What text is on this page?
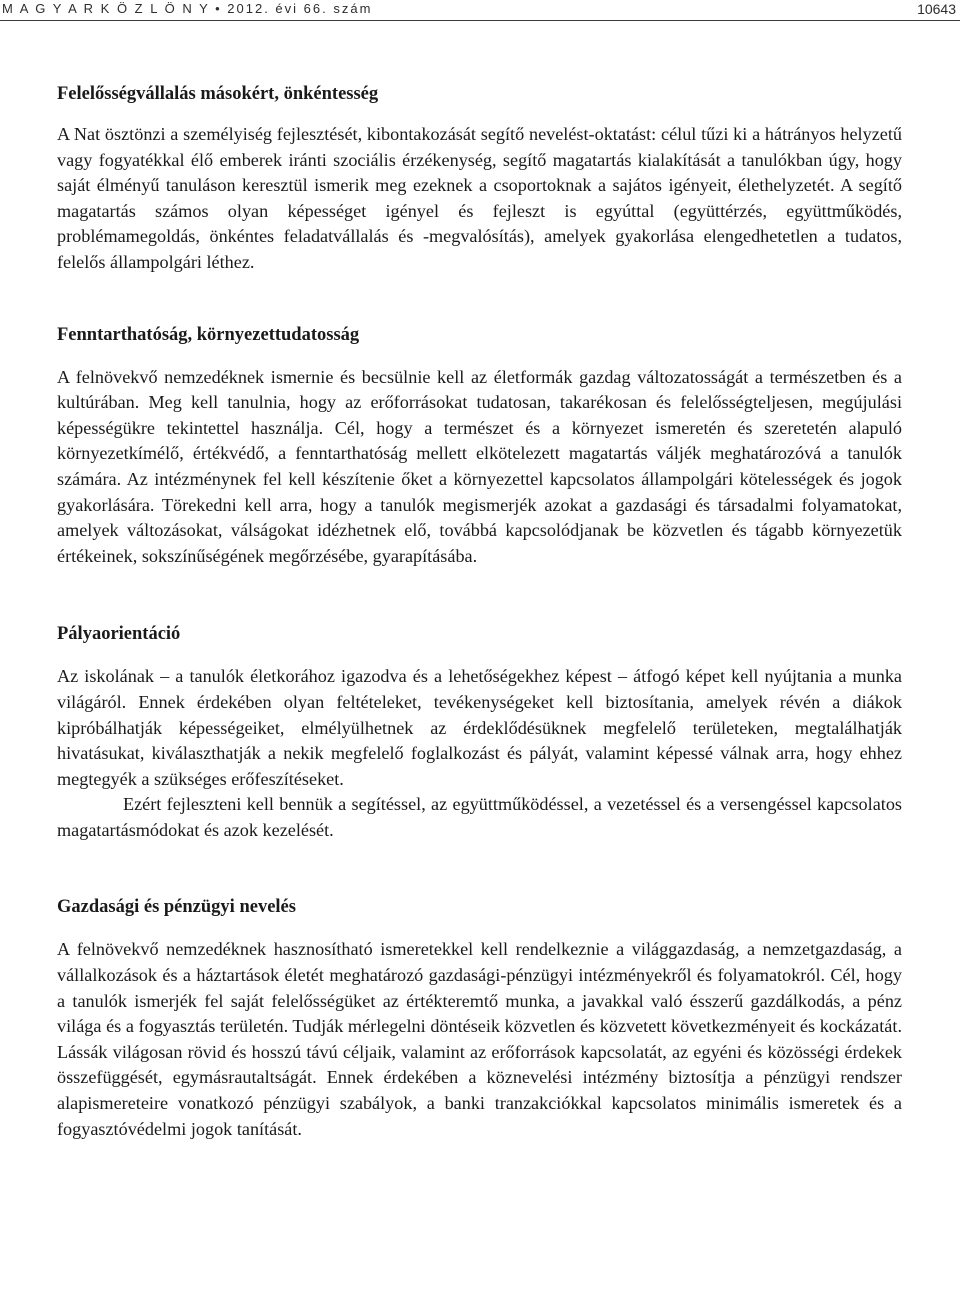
M A G Y A R K Ö Z L Ö N Y • 2012. évi 66. szám	10643
Felelősségvállalás másokért, önkéntesség

A Nat ösztönzi a személyiség fejlesztését, kibontakozását segítő nevelést-oktatást: célul tűzi ki a hátrányos helyzetű vagy fogyatékkal élő emberek iránti szociális érzékenység, segítő magatartás kialakítását a tanulókban úgy, hogy saját élményű tanuláson keresztül ismerik meg ezeknek a csoportoknak a sajátos igényeit, élethelyzetét. A segítő magatartás számos olyan képességet igényel és fejleszt is egyúttal (együttérzés, együttműködés, problémamegoldás, önkéntes feladatvállalás és -megvalósítás), amelyek gyakorlása elengedhetetlen a tudatos, felelős állampolgári léthez.

Fenntarthatóság, környezettudatosság

A felnövekvő nemzedéknek ismernie és becsülnie kell az életformák gazdag változatosságát a természetben és a kultúrában. Meg kell tanulnia, hogy az erőforrásokat tudatosan, takarékosan és felelősségteljesen, megújulási képességükre tekintettel használja. Cél, hogy a természet és a környezet ismeretén és szeretetén alapuló környezetkímélő, értékvédő, a fenntarthatóság mellett elkötelezett magatartás váljék meghatározóvá a tanulók számára. Az intézménynek fel kell készítenie őket a környezettel kapcsolatos állampolgári kötelességek és jogok gyakorlására. Törekedni kell arra, hogy a tanulók megismerjék azokat a gazdasági és társadalmi folyamatokat, amelyek változásokat, válságokat idézhetnek elő, továbbá kapcsolódjanak be közvetlen és tágabb környezetük értékeinek, sokszínűségének megőrzésébe, gyarapításába.

Pályaorientáció

Az iskolának – a tanulók életkorához igazodva és a lehetőségekhez képest – átfogó képet kell nyújtania a munka világáról. Ennek érdekében olyan feltételeket, tevékenységeket kell biztosítania, amelyek révén a diákok kipróbálhatják képességeiket, elmélyülhetnek az érdeklődésüknek megfelelő területeken, megtalálhatják hivatásukat, kiválaszthatják a nekik megfelelő foglalkozást és pályát, valamint képessé válnak arra, hogy ehhez megtegyék a szükséges erőfeszítéseket.

Ezért fejleszteni kell bennük a segítéssel, az együttműködéssel, a vezetéssel és a versengéssel kapcsolatos magatartásmódokat és azok kezelését.

Gazdasági és pénzügyi nevelés

A felnövekvő nemzedéknek hasznosítható ismeretekkel kell rendelkeznie a világgazdaság, a nemzetgazdaság, a vállalkozások és a háztartások életét meghatározó gazdasági-pénzügyi intézményekről és folyamatokról. Cél, hogy a tanulók ismerjék fel saját felelősségüket az értékteremtő munka, a javakkal való ésszerű gazdálkodás, a pénz világa és a fogyasztás területén. Tudják mérlegelni döntéseik közvetlen és közvetett következményeit és kockázatát. Lássák világosan rövid és hosszú távú céljaik, valamint az erőforrások kapcsolatát, az egyéni és közösségi érdekek összefüggését, egymásrautaltságát. Ennek érdekében a köznevelési intézmény biztosítja a pénzügyi rendszer alapismereteire vonatkozó pénzügyi szabályok, a banki tranzakciókkal kapcsolatos minimális ismeretek és a fogyasztóvédelmi jogok tanítását.
